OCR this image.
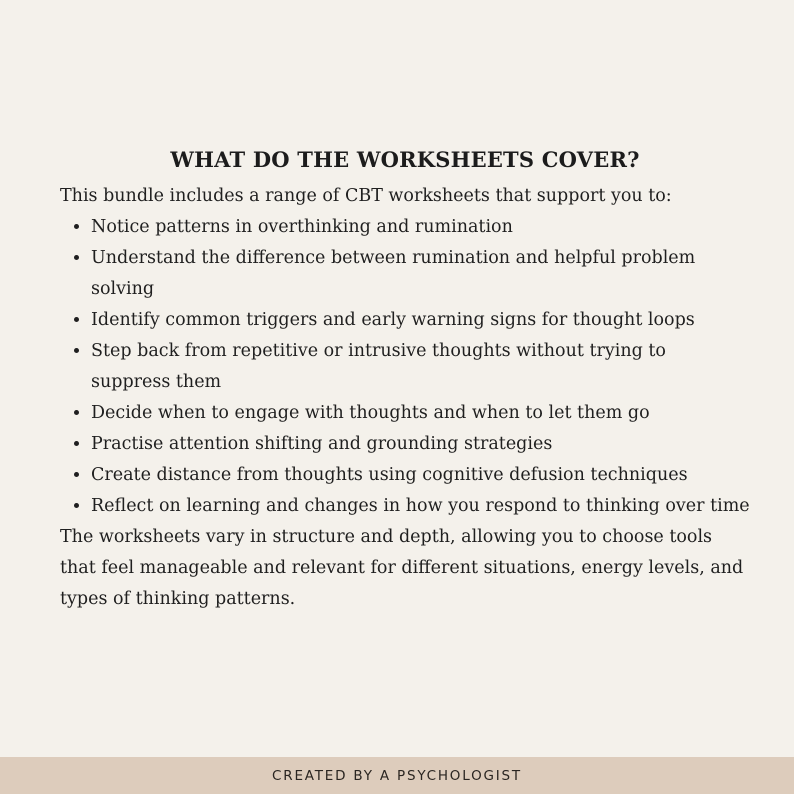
WHAT DO THE WORKSHEETS COVER?

This bundle includes a range of CBT worksheets that support you to:

• Notice patterns in overthinking and rumination
• Understand the difference between rumination and helpful problem solving
• Identify common triggers and early warning signs for thought loops
• Step back from repetitive or intrusive thoughts without trying to suppress them
• Decide when to engage with thoughts and when to let them go
• Practise attention shifting and grounding strategies
• Create distance from thoughts using cognitive defusion techniques
• Reflect on learning and changes in how you respond to thinking over time

The worksheets vary in structure and depth, allowing you to choose tools that feel manageable and relevant for different situations, energy levels, and types of thinking patterns.

CREATED BY A PSYCHOLOGIST
